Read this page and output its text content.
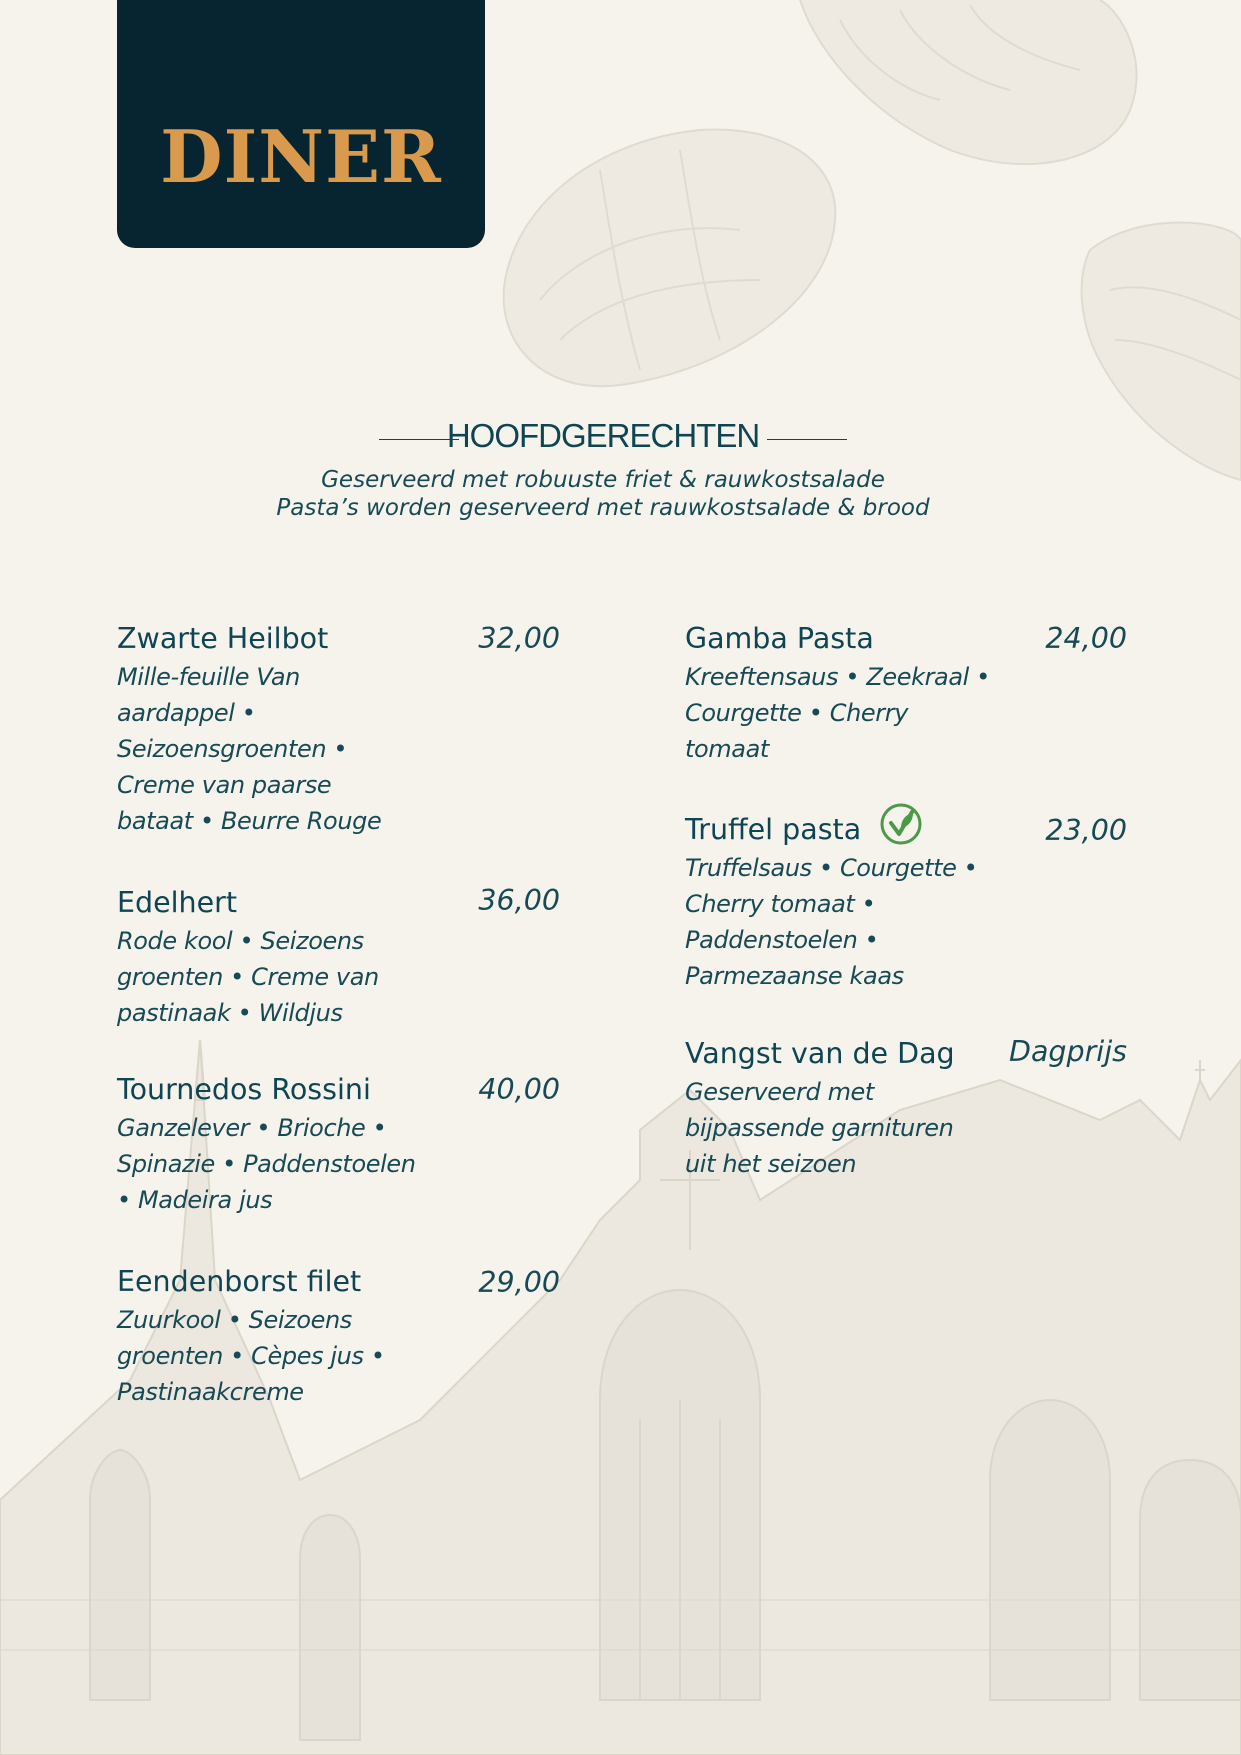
DINER
HOOFDGERECHTEN
Geserveerd met robuuste friet & rauwkostsalade
Pasta’s worden geserveerd met rauwkostsalade & brood
Zwarte Heilbot
Mille-feuille Van
aardappel •
Seizoensgroenten •
Creme van paarse
bataat • Beurre Rouge
32,00
Edelhert
Rode kool • Seizoens
groenten • Creme van
pastinaak • Wildjus
36,00
Tournedos Rossini
Ganzelever • Brioche •
Spinazie • Paddenstoelen
• Madeira jus
40,00
Eendenborst filet
Zuurkool • Seizoens
groenten • Cèpes jus •
Pastinaakcreme
29,00
Gamba Pasta
Kreeftensaus • Zeekraal •
Courgette • Cherry
tomaat
24,00
Truffel pasta
Truffelsaus • Courgette •
Cherry tomaat •
Paddenstoelen •
Parmezaanse kaas
23,00
Vangst van de Dag
Geserveerd met
bijpassende garnituren
uit het seizoen
Dagprijs
